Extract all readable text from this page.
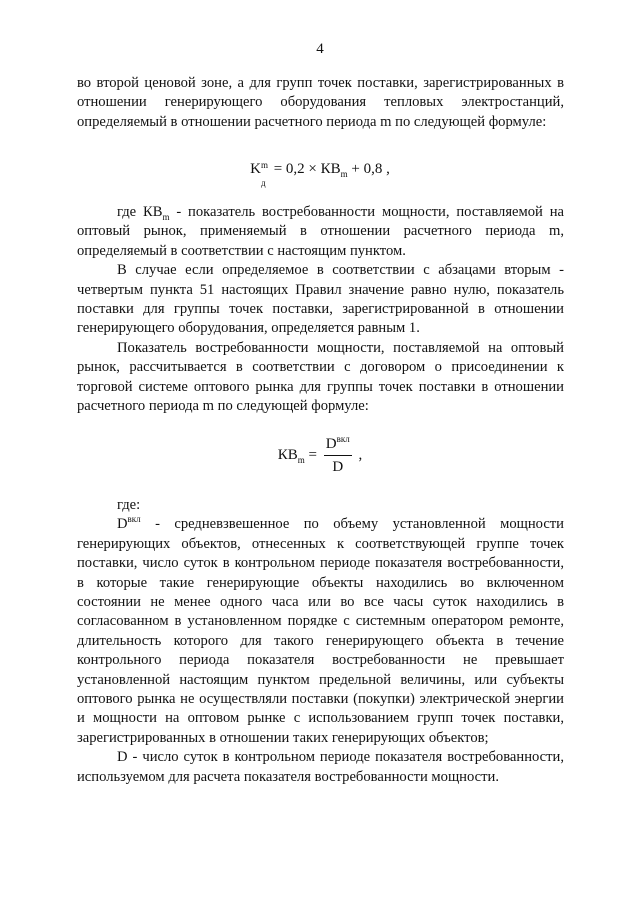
4

во второй ценовой зоне, а для групп точек поставки, зарегистрированных в отношении генерирующего оборудования тепловых электростанций, определяемый в отношении расчетного периода m по следующей формуле:

K m
д
= $0,2 \times КВ_m + 0,8$ ,

где $КВ_m$ - показатель востребованности мощности, поставляемой на оптовый рынок, применяемый в отношении расчетного периода m, определяемый в соответствии с настоящим пунктом.

В случае если определяемое в соответствии с абзацами вторым - четвертым пункта 51 настоящих Правил значение равно нулю, показатель поставки для группы точек поставки, зарегистрированной в отношении генерирующего оборудования, определяется равным 1.

Показатель востребованности мощности, поставляемой на оптовый рынок, рассчитывается в соответствии с договором о присоединении к торговой системе оптового рынка для группы точек поставки в отношении расчетного периода m по следующей формуле:

$КВ_m = \frac{D^{вкл}}{D}$ ,

где:

$D^{вкл}$ - средневзвешенное по объему установленной мощности генерирующих объектов, отнесенных к соответствующей группе точек поставки, число суток в контрольном периоде показателя востребованности, в которые такие генерирующие объекты находились во включенном состоянии не менее одного часа или во все часы суток находились в согласованном в установленном порядке с системным оператором ремонте, длительность которого для такого генерирующего объекта в течение контрольного периода показателя востребованности не превышает установленной настоящим пунктом предельной величины, или субъекты оптового рынка не осуществляли поставки (покупки) электрической энергии и мощности на оптовом рынке с использованием групп точек поставки, зарегистрированных в отношении таких генерирующих объектов;

D - число суток в контрольном периоде показателя востребованности, используемом для расчета показателя востребованности мощности.
